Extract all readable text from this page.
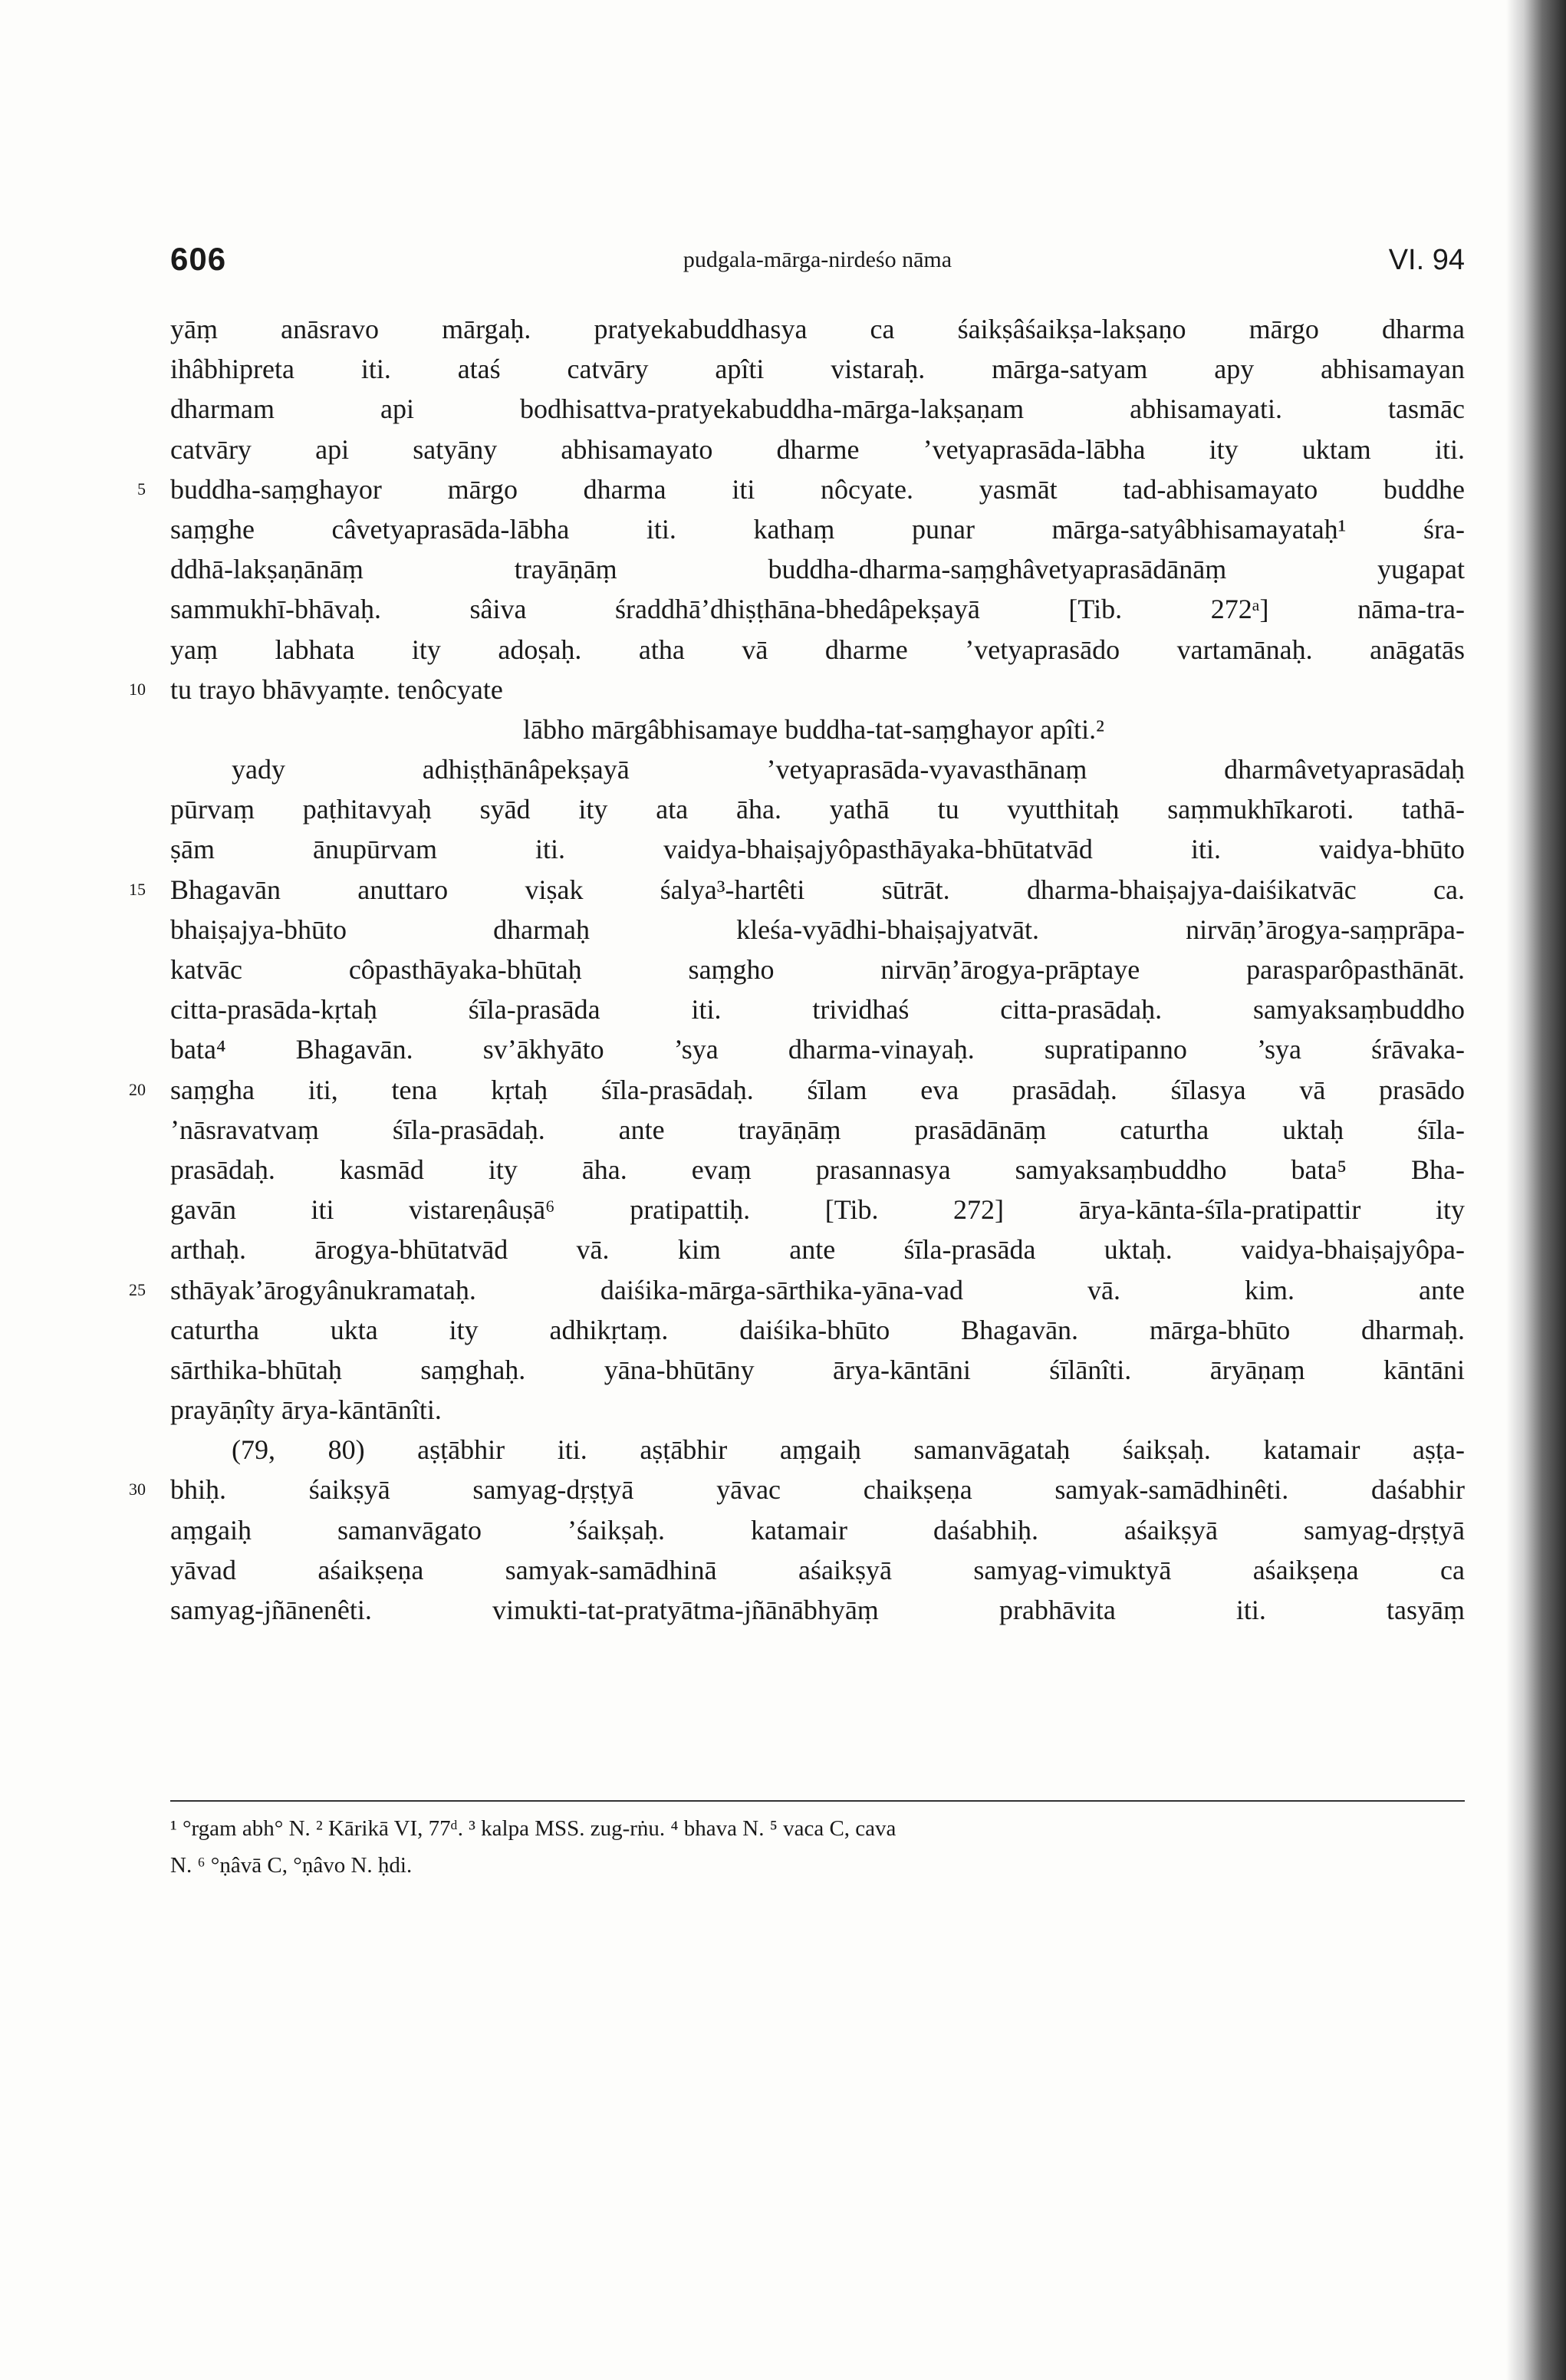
606	pudgala-mārga-nirdeśo nāma	VI. 94
yāṃ anāsravo mārgaḥ. pratyekabuddhasya ca śaikṣâśaikṣa-lakṣaṇo mārgo dharma
ihâbhipreta iti. ataś catvāry apîti vistaraḥ. mārga-satyam apy abhisamayan
dharmam api bodhisattva-pratyekabuddha-mārga-lakṣaṇam abhisamayati. tasmāc
catvāry api satyāny abhisamayato dharme ’vetyaprasāda-lābha ity uktam iti.
5 buddha-saṃghayor mārgo dharma iti nôcyate. yasmāt tad-abhisamayato buddhe
saṃghe câvetyaprasāda-lābha iti. kathaṃ punar mārga-satyâbhisamayataḥ¹ śra-
ddhā-lakṣaṇānāṃ trayāṇāṃ buddha-dharma-saṃghâvetyaprasādānāṃ yugapat
sammukhī-bhāvaḥ. sâiva śraddhā’dhiṣṭhāna-bhedâpekṣayā [Tib. 272ᵃ] nāma-tra-
yaṃ labhata ity adoṣaḥ. atha vā dharme ’vetyaprasādo vartamānaḥ. anāgatās
10 tu trayo bhāvyaṃte. tenôcyate
lābho mārgâbhisamaye buddha-tat-saṃghayor apîti.²
yady adhiṣṭhānâpekṣayā ’vetyaprasāda-vyavasthānaṃ dharmâvetyaprasādaḥ
pūrvaṃ paṭhitavyaḥ syād ity ata āha. yathā tu vyutthitaḥ saṃmukhīkaroti. tathā-
ṣām ānupūrvam iti. vaidya-bhaiṣajyôpasthāyaka-bhūtatvād iti. vaidya-bhūto
15 Bhagavān anuttaro viṣak śalya³-hartêti sūtrāt. dharma-bhaiṣajya-daiśikatvāc ca.
bhaiṣajya-bhūto dharmaḥ kleśa-vyādhi-bhaiṣajyatvāt. nirvāṇ’ārogya-saṃprāpa-
katvāc côpasthāyaka-bhūtaḥ saṃgho nirvāṇ’ārogya-prāptaye parasparôpasthānāt.
citta-prasāda-kṛtaḥ śīla-prasāda iti. trividhaś citta-prasādaḥ. samyaksaṃbuddho
bata⁴ Bhagavān. sv’ākhyāto ’sya dharma-vinayaḥ. supratipanno ’sya śrāvaka-
20 saṃgha iti, tena kṛtaḥ śīla-prasādaḥ. śīlam eva prasādaḥ. śīlasya vā prasādo
’nāsravatvaṃ śīla-prasādaḥ. ante trayāṇāṃ prasādānāṃ caturtha uktaḥ śīla-
prasādaḥ. kasmād ity āha. evaṃ prasannasya samyaksaṃbuddho bata⁵ Bha-
gavān iti vistareṇâuṣā⁶ pratipattiḥ. [Tib. 272] ārya-kānta-śīla-pratipattir ity
arthaḥ. ārogya-bhūtatvād vā. kim ante śīla-prasāda uktaḥ. vaidya-bhaiṣajyôpa-
25 sthāyak’ārogyânukramataḥ. daiśika-mārga-sārthika-yāna-vad vā. kim. ante
caturtha ukta ity adhikṛtaṃ. daiśika-bhūto Bhagavān. mārga-bhūto dharmaḥ.
sārthika-bhūtaḥ saṃghaḥ. yāna-bhūtāny ārya-kāntāni śīlānîti. āryāṇaṃ kāntāni
prayāṇîty ārya-kāntānîti.
(79, 80) aṣṭābhir iti. aṣṭābhir aṃgaiḥ samanvāgataḥ śaikṣaḥ. katamair aṣṭa-
30 bhiḥ. śaikṣyā samyag-dṛṣṭyā yāvac chaikṣeṇa samyak-samādhinêti. daśabhir
aṃgaiḥ samanvāgato ’śaikṣaḥ. katamair daśabhiḥ. aśaikṣyā samyag-dṛṣṭyā
yāvad aśaikṣeṇa samyak-samādhinā aśaikṣyā samyag-vimuktyā aśaikṣeṇa ca
samyag-jñānenêti. vimukti-tat-pratyātma-jñānābhyāṃ prabhāvita iti. tasyāṃ
¹ °rgam abh° N. ² Kārikā VI, 77ᵈ. ³ kalpa MSS. zug-rṅu. ⁴ bhava N. ⁵ vaca C, cava
N. ⁶ °ṇâvā C, °ṇâvo N. ḥdi.
